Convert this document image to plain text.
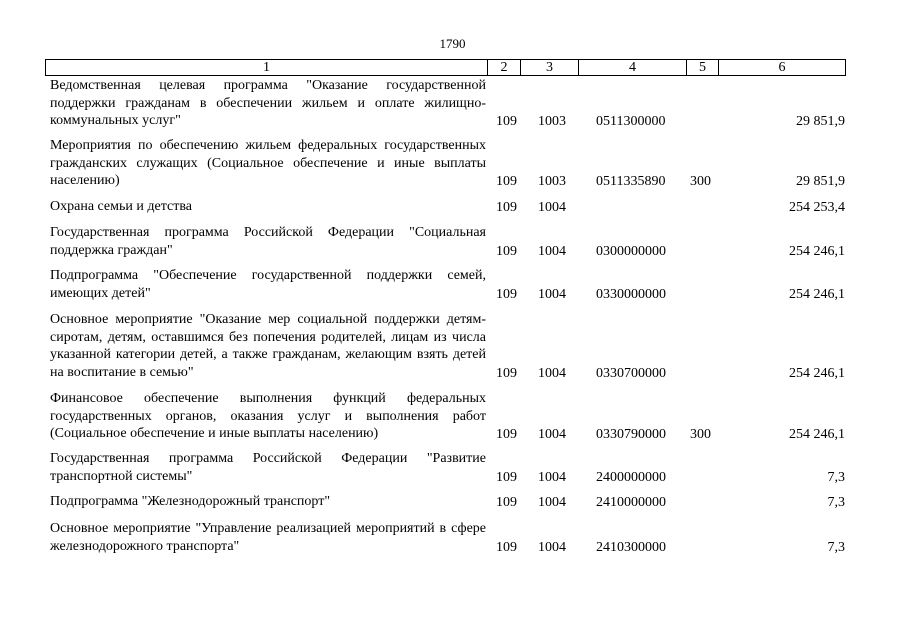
1790
1	2	3	4	5	6
Ведомственная целевая программа "Оказание государственной поддержки гражданам в обеспечении жильем и оплате жилищно-коммунальных услуг"	109 1003 0511300000	29 851,9
Мероприятия по обеспечению жильем федеральных государственных гражданских служащих (Социальное обеспечение и иные выплаты населению)	109 1003 0511335890 300	29 851,9
Охрана семьи и детства	109 1004	254 253,4
Государственная программа Российской Федерации "Социальная поддержка граждан"	109 1004 0300000000	254 246,1
Подпрограмма "Обеспечение государственной поддержки семей, имеющих детей"	109 1004 0330000000	254 246,1
Основное мероприятие "Оказание мер социальной поддержки детям-сиротам, детям, оставшимся без попечения родителей, лицам из числа указанной категории детей, а также гражданам, желающим взять детей на воспитание в семью"	109 1004 0330700000	254 246,1
Финансовое обеспечение выполнения функций федеральных государственных органов, оказания услуг и выполнения работ (Социальное обеспечение и иные выплаты населению)	109 1004 0330790000 300	254 246,1
Государственная программа Российской Федерации "Развитие транспортной системы"	109 1004 2400000000	7,3
Подпрограмма "Железнодорожный транспорт"	109 1004 2410000000	7,3
Основное мероприятие "Управление реализацией мероприятий в сфере железнодорожного транспорта"	109 1004 2410300000	7,3
